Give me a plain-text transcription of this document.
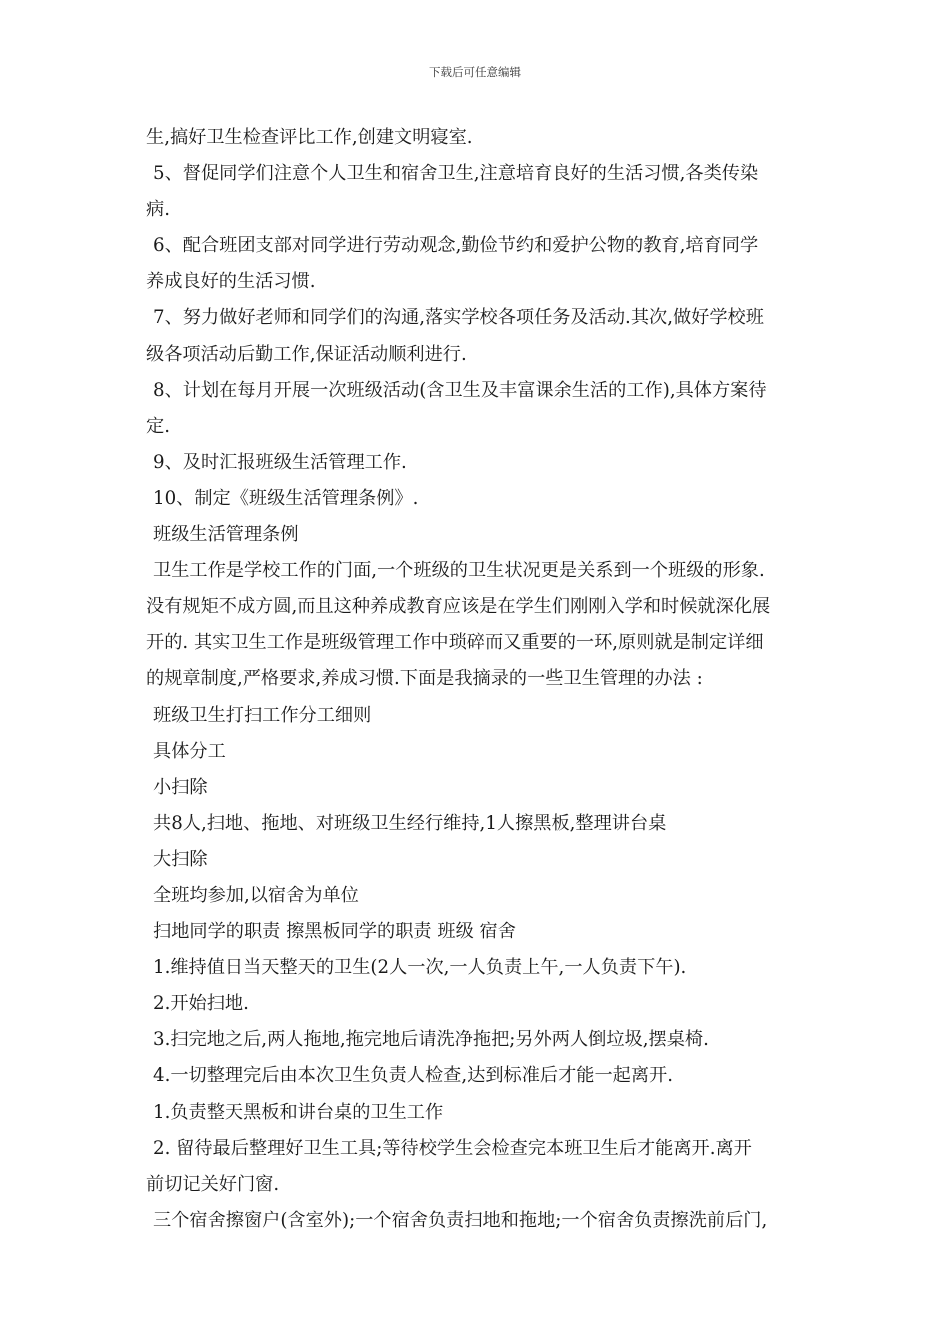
下载后可任意编辑
生,搞好卫生检查评比工作,创建文明寝室.
5、督促同学们注意个人卫生和宿舍卫生,注意培育良好的生活习惯,各类传染
病.
6、配合班团支部对同学进行劳动观念,勤俭节约和爱护公物的教育,培育同学
养成良好的生活习惯.
7、努力做好老师和同学们的沟通,落实学校各项任务及活动.其次,做好学校班
级各项活动后勤工作,保证活动顺利进行.
8、计划在每月开展一次班级活动(含卫生及丰富课余生活的工作),具体方案待
定.
9、及时汇报班级生活管理工作.
10、制定《班级生活管理条例》.
班级生活管理条例
卫生工作是学校工作的门面,一个班级的卫生状况更是关系到一个班级的形象.
没有规矩不成方圆,而且这种养成教育应该是在学生们刚刚入学和时候就深化展
开的. 其实卫生工作是班级管理工作中琐碎而又重要的一环,原则就是制定详细
的规章制度,严格要求,养成习惯.下面是我摘录的一些卫生管理的办法 :
班级卫生打扫工作分工细则
具体分工
小扫除
共8人,扫地、拖地、对班级卫生经行维持,1人擦黑板,整理讲台桌
大扫除
全班均参加,以宿舍为单位
扫地同学的职责 擦黑板同学的职责 班级 宿舍
1.维持值日当天整天的卫生(2人一次,一人负责上午,一人负责下午).
2.开始扫地.
3.扫完地之后,两人拖地,拖完地后请洗净拖把;另外两人倒垃圾,摆桌椅.
4.一切整理完后由本次卫生负责人检查,达到标准后才能一起离开.
1.负责整天黑板和讲台桌的卫生工作
2. 留待最后整理好卫生工具;等待校学生会检查完本班卫生后才能离开.离开
前切记关好门窗.
三个宿舍擦窗户(含室外);一个宿舍负责扫地和拖地;一个宿舍负责擦洗前后门,
